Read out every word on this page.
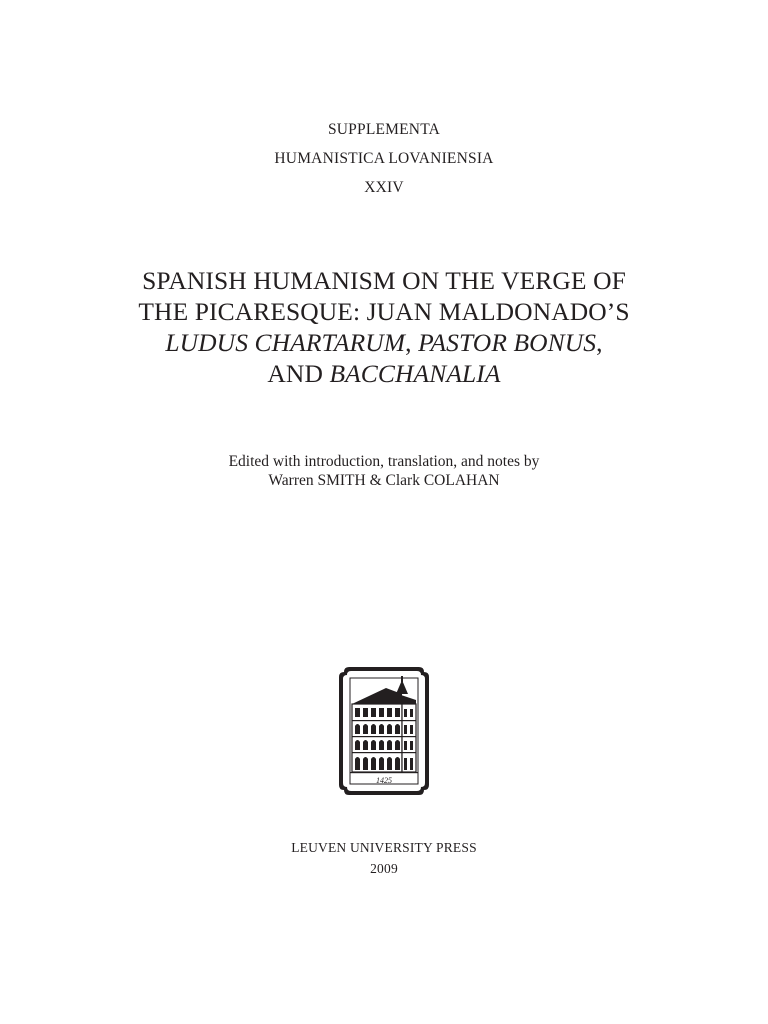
SUPPLEMENTA
HUMANISTICA LOVANIENSIA
XXIV
SPANISH HUMANISM ON THE VERGE OF
THE PICARESQUE: JUAN MALDONADO’S
LUDUS CHARTARUM, PASTOR BONUS,
AND BACCHANALIA
Edited with introduction, translation, and notes by
Warren SMITH & Clark COLAHAN
1425
LEUVEN UNIVERSITY PRESS
2009
